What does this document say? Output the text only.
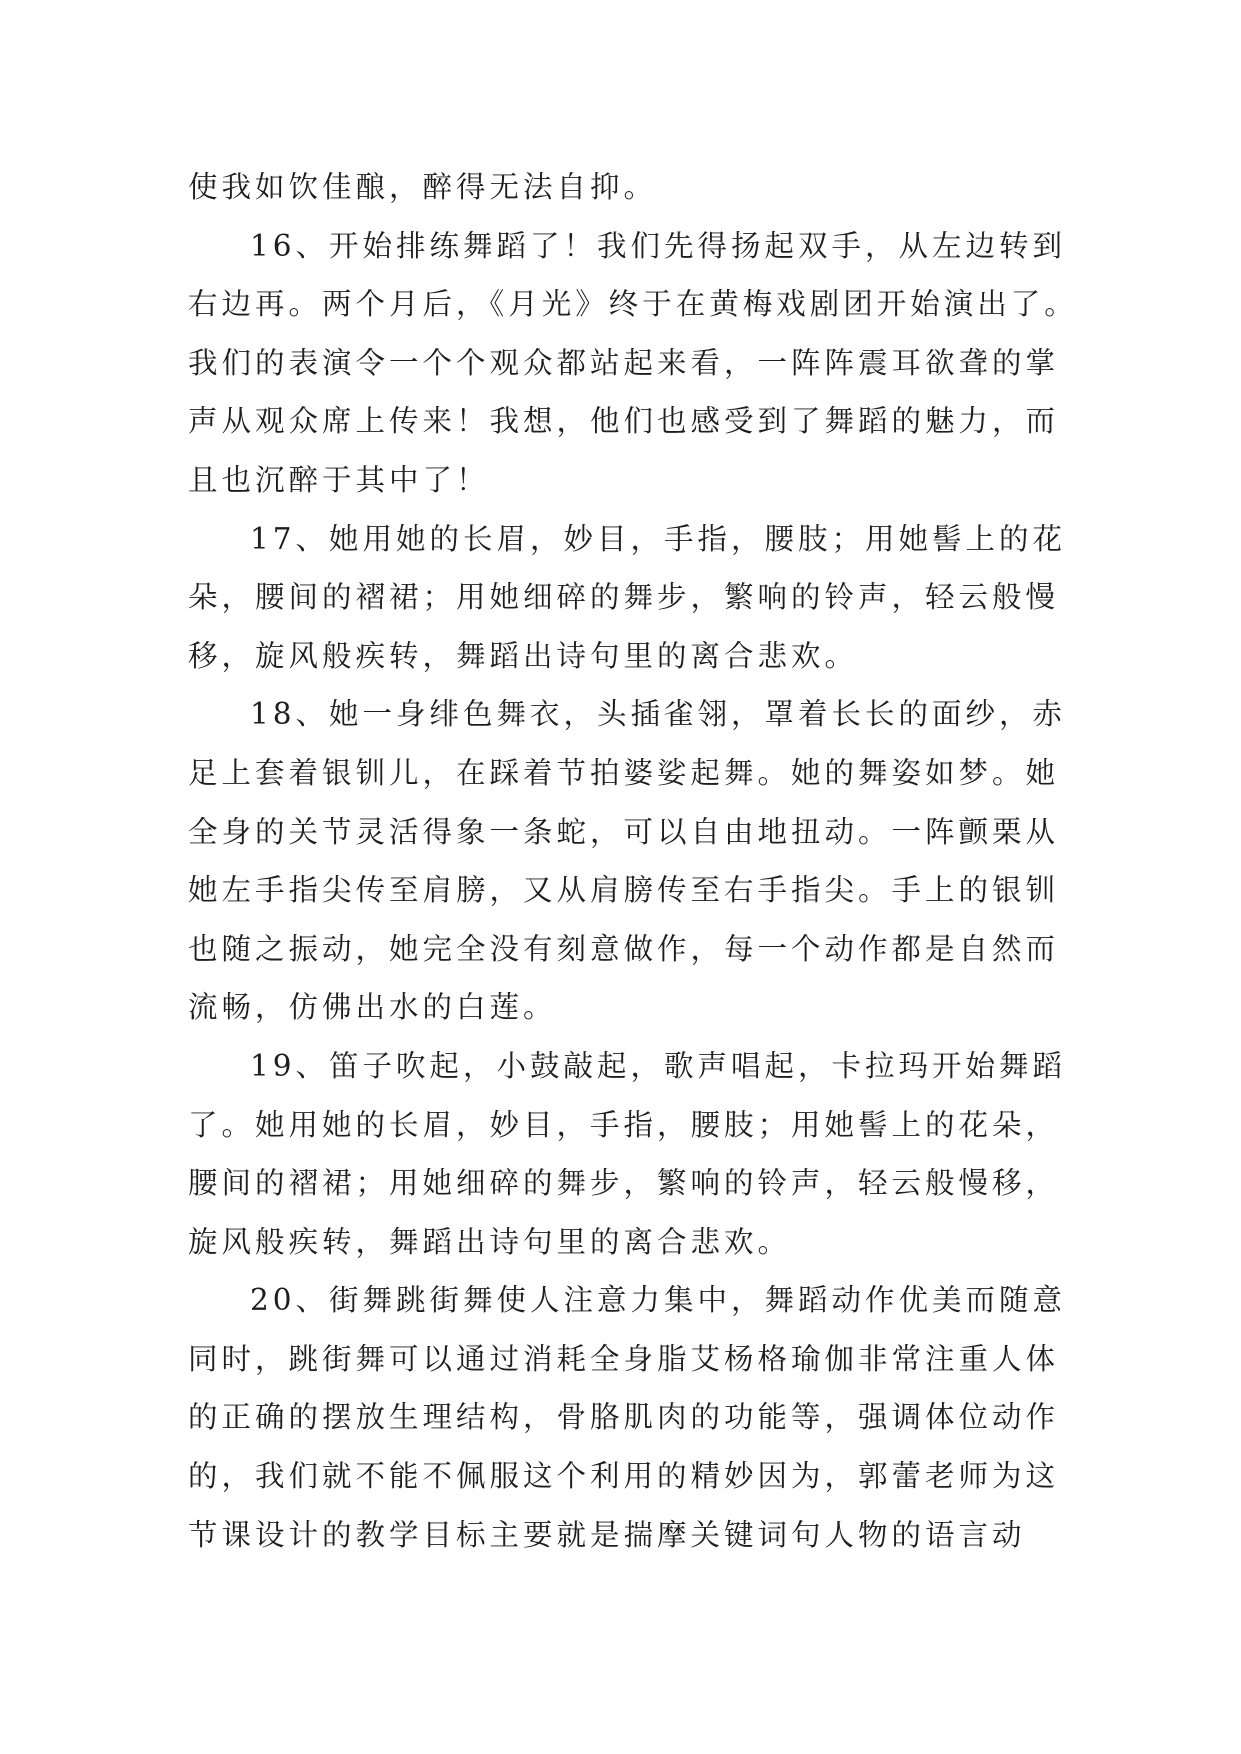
使我如饮佳酿，醉得无法自抑。
16、开始排练舞蹈了！我们先得扬起双手，从左边转到
右边再。两个月后，《月光》终于在黄梅戏剧团开始演出了。
我们的表演令一个个观众都站起来看，一阵阵震耳欲聋的掌
声从观众席上传来！我想，他们也感受到了舞蹈的魅力，而
且也沉醉于其中了！
17、她用她的长眉，妙目，手指，腰肢；用她髻上的花
朵，腰间的褶裙；用她细碎的舞步，繁响的铃声，轻云般慢
移，旋风般疾转，舞蹈出诗句里的离合悲欢。
18、她一身绯色舞衣，头插雀翎，罩着长长的面纱，赤
足上套着银钏儿，在踩着节拍婆娑起舞。她的舞姿如梦。她
全身的关节灵活得象一条蛇，可以自由地扭动。一阵颤栗从
她左手指尖传至肩膀，又从肩膀传至右手指尖。手上的银钏
也随之振动，她完全没有刻意做作，每一个动作都是自然而
流畅，仿佛出水的白莲。
19、笛子吹起，小鼓敲起，歌声唱起，卡拉玛开始舞蹈
了。她用她的长眉，妙目，手指，腰肢；用她髻上的花朵，
腰间的褶裙；用她细碎的舞步，繁响的铃声，轻云般慢移，
旋风般疾转，舞蹈出诗句里的离合悲欢。
20、街舞跳街舞使人注意力集中，舞蹈动作优美而随意
同时，跳街舞可以通过消耗全身脂艾杨格瑜伽非常注重人体
的正确的摆放生理结构，骨胳肌肉的功能等，强调体位动作
的，我们就不能不佩服这个利用的精妙因为，郭蕾老师为这
节课设计的教学目标主要就是揣摩关键词句人物的语言动
